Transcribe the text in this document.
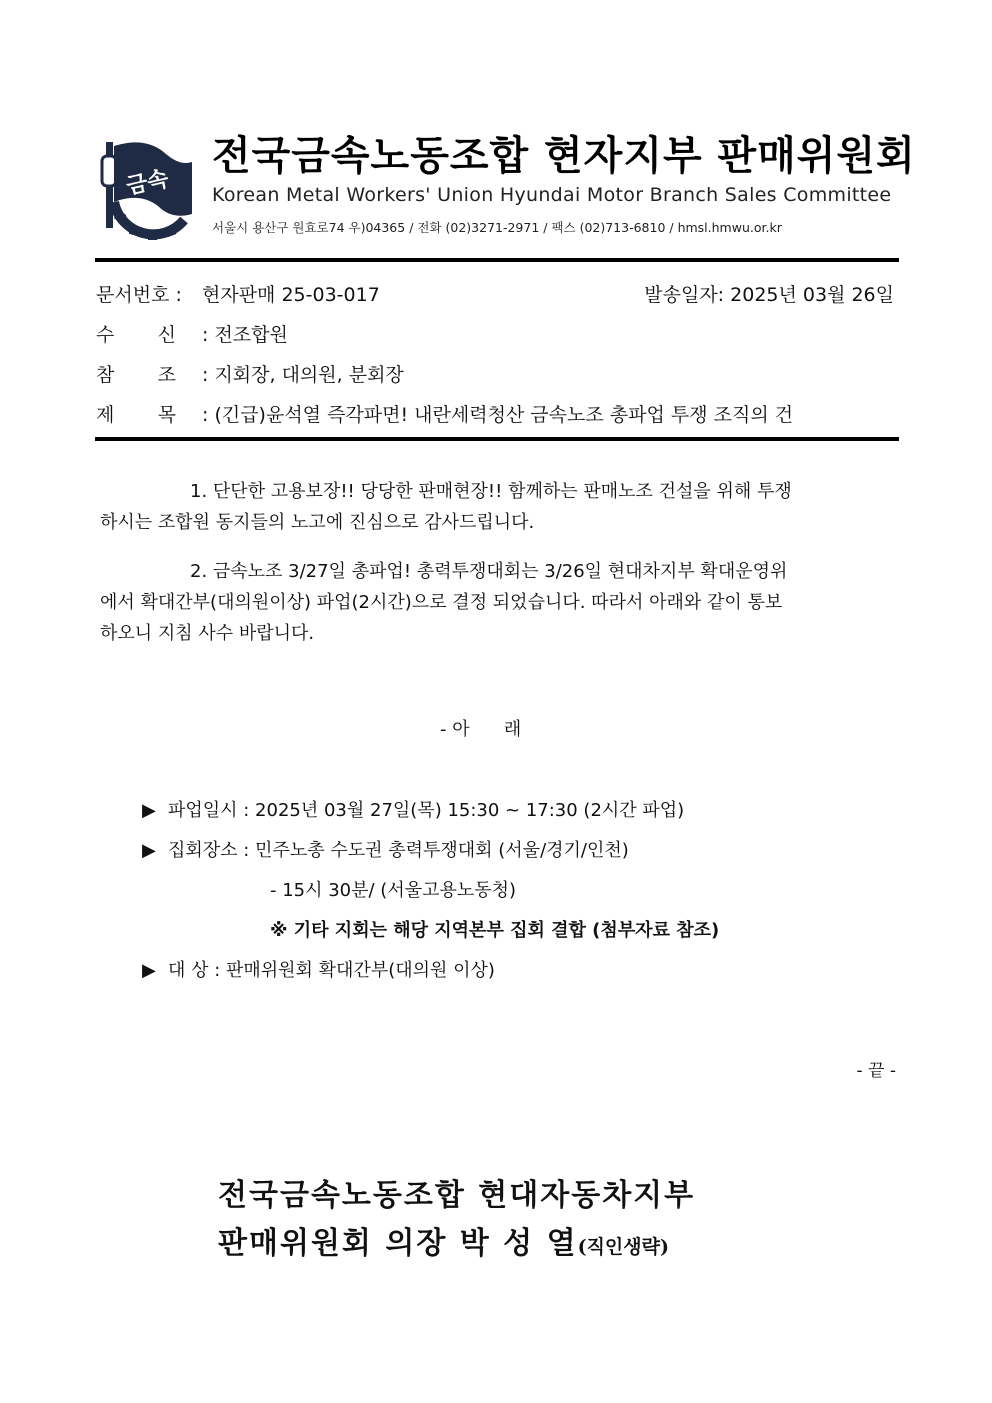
금속
전국금속노동조합 현자지부 판매위원회
Korean Metal Workers' Union Hyundai Motor Branch Sales Committee
서울시 용산구 원효로74 우)04365 / 전화 (02)3271-2971 / 팩스 (02)713-6810 / hmsl.hmwu.or.kr
문서번호 : 현자판매 25-03-017	발송일자: 2025년 03월 26일
수 신 : 전조합원
참 조 : 지회장, 대의원, 분회장
제 목 : (긴급)윤석열 즉각파면! 내란세력청산 금속노조 총파업 투쟁 조직의 건
1. 단단한 고용보장!! 당당한 판매현장!! 함께하는 판매노조 건설을 위해 투쟁
하시는 조합원 동지들의 노고에 진심으로 감사드립니다.
2. 금속노조 3/27일 총파업! 총력투쟁대회는 3/26일 현대차지부 확대운영위
에서 확대간부(대의원이상) 파업(2시간)으로 결정 되었습니다. 따라서 아래와 같이 통보
하오니 지침 사수 바랍니다.
- 아      래
▶ 파업일시 : 2025년 03월 27일(목) 15:30 ~ 17:30 (2시간 파업)
▶ 집회장소 : 민주노총 수도권 총력투쟁대회 (서울/경기/인천)
- 15시 30분/ (서울고용노동청)
※ 기타 지회는 해당 지역본부 집회 결합 (첨부자료 참조)
▶ 대 상 : 판매위원회 확대간부(대의원 이상)
- 끝 -
전국금속노동조합 현대자동차지부
판매위원회 의장 박 성 열(직인생략)
